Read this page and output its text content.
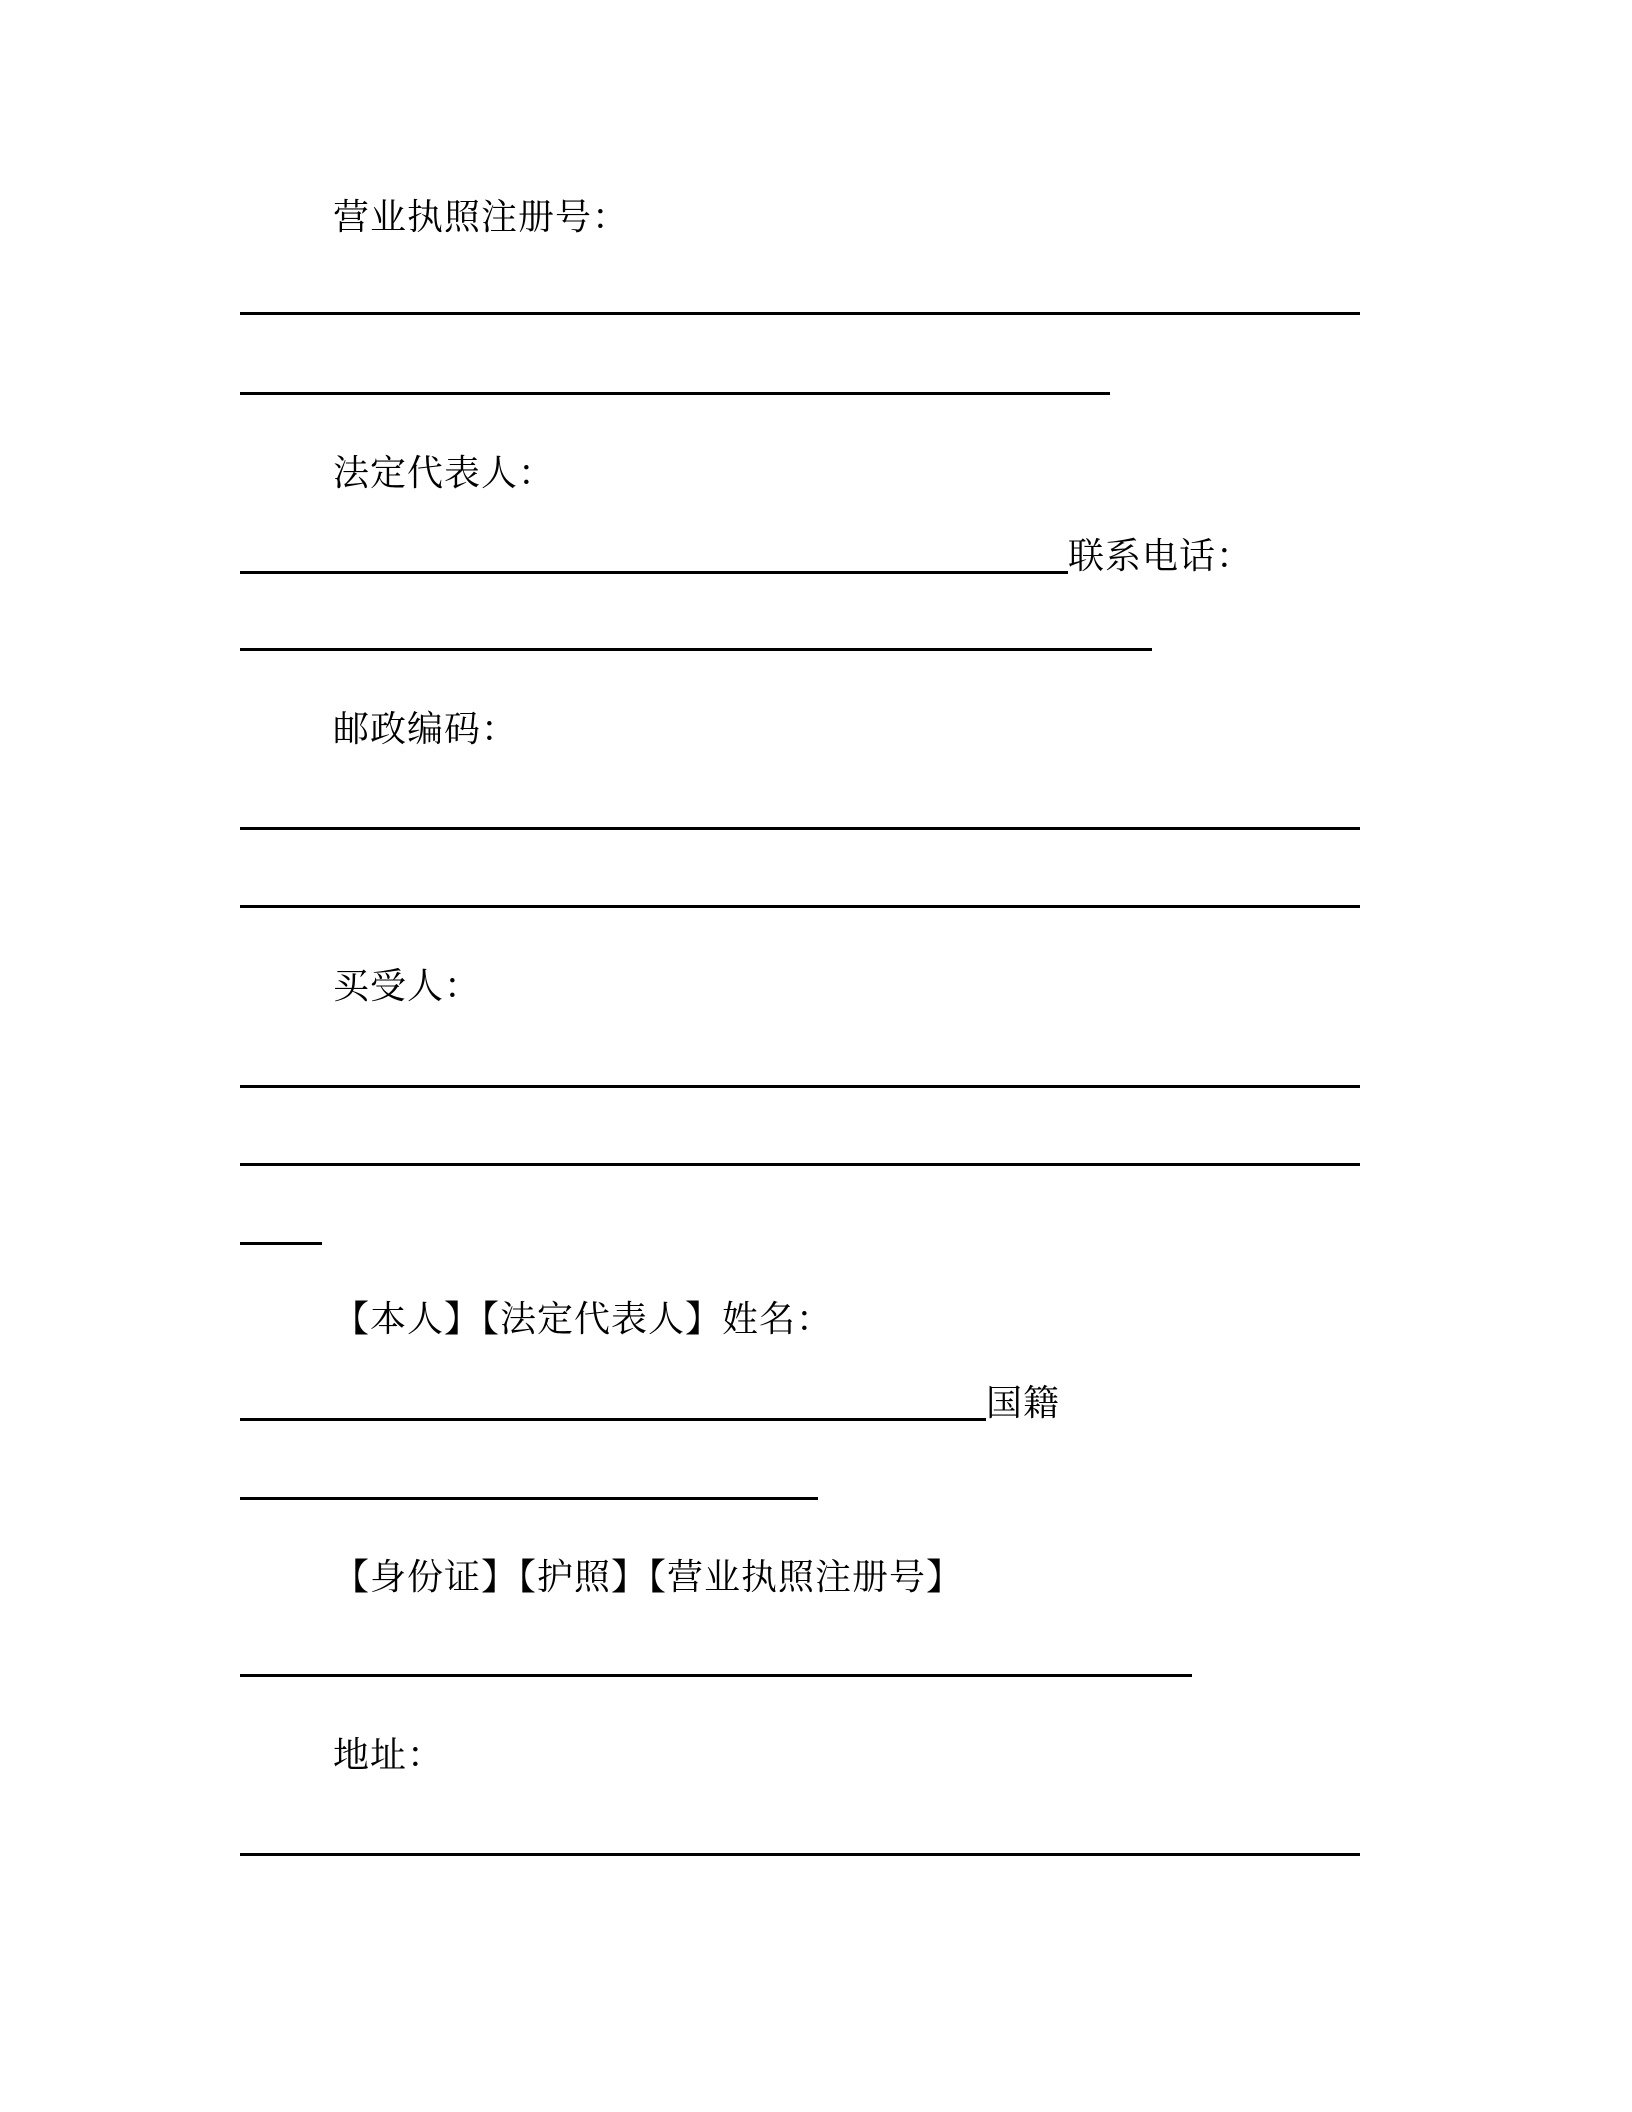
营业执照注册号：
法定代表人：
联系电话：
邮政编码：
买受人：
【本人】【法定代表人】姓名：
国籍
【身份证】【护照】【营业执照注册号】
地址：
